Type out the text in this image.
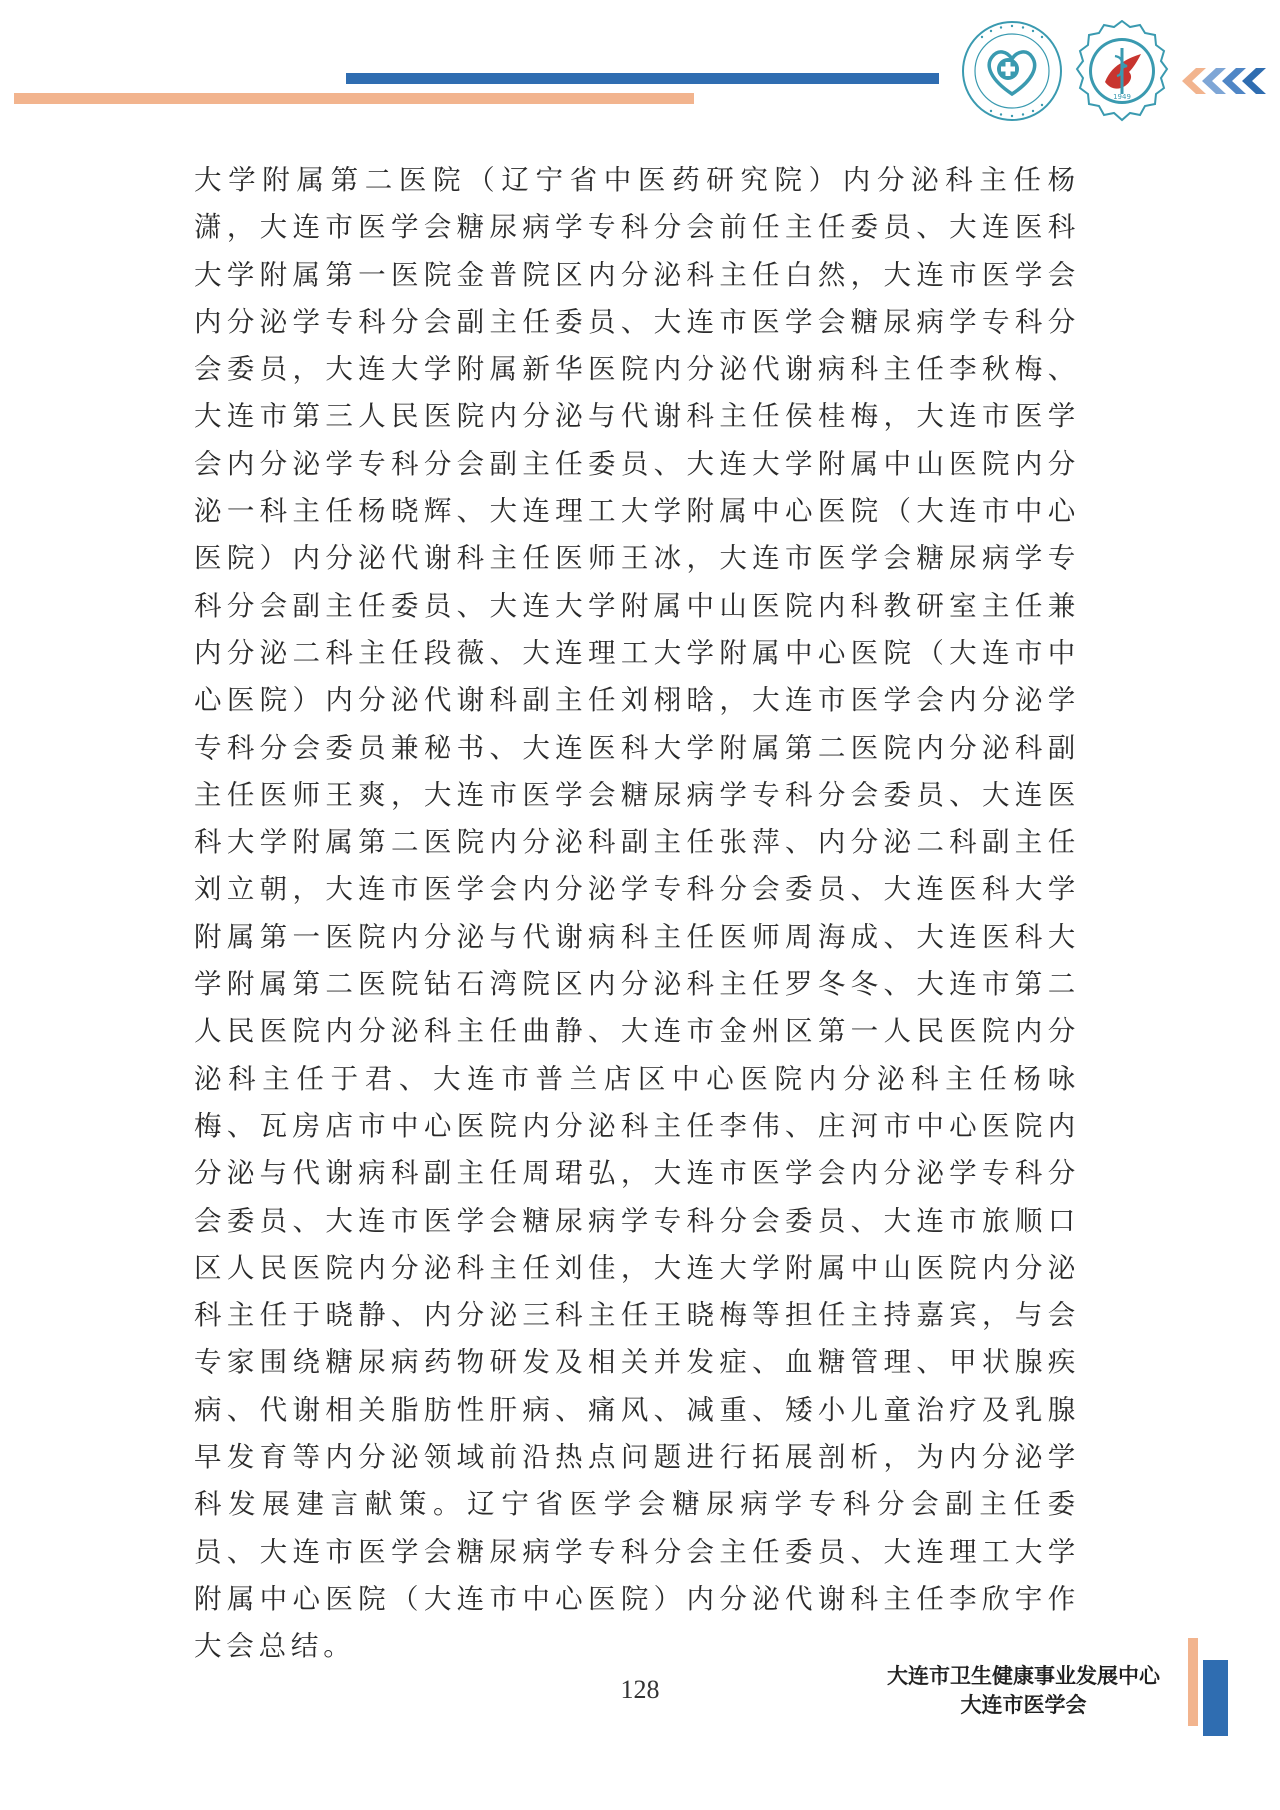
1949

大学附属第二医院（辽宁省中医药研究院）内分泌科主任杨潇，大连市医学会糖尿病学专科分会前任主任委员、大连医科大学附属第一医院金普院区内分泌科主任白然，大连市医学会内分泌学专科分会副主任委员、大连市医学会糖尿病学专科分会委员，大连大学附属新华医院内分泌代谢病科主任李秋梅、大连市第三人民医院内分泌与代谢科主任侯桂梅，大连市医学会内分泌学专科分会副主任委员、大连大学附属中山医院内分泌一科主任杨晓辉、大连理工大学附属中心医院（大连市中心医院）内分泌代谢科主任医师王冰，大连市医学会糖尿病学专科分会副主任委员、大连大学附属中山医院内科教研室主任兼内分泌二科主任段薇、大连理工大学附属中心医院（大连市中心医院）内分泌代谢科副主任刘栩晗，大连市医学会内分泌学专科分会委员兼秘书、大连医科大学附属第二医院内分泌科副主任医师王爽，大连市医学会糖尿病学专科分会委员、大连医科大学附属第二医院内分泌科副主任张萍、内分泌二科副主任刘立朝，大连市医学会内分泌学专科分会委员、大连医科大学附属第一医院内分泌与代谢病科主任医师周海成、大连医科大学附属第二医院钻石湾院区内分泌科主任罗冬冬、大连市第二人民医院内分泌科主任曲静、大连市金州区第一人民医院内分泌科主任于君、大连市普兰店区中心医院内分泌科主任杨咏梅、瓦房店市中心医院内分泌科主任李伟、庄河市中心医院内分泌与代谢病科副主任周珺弘，大连市医学会内分泌学专科分会委员、大连市医学会糖尿病学专科分会委员、大连市旅顺口区人民医院内分泌科主任刘佳，大连大学附属中山医院内分泌科主任于晓静、内分泌三科主任王晓梅等担任主持嘉宾，与会专家围绕糖尿病药物研发及相关并发症、血糖管理、甲状腺疾病、代谢相关脂肪性肝病、痛风、减重、矮小儿童治疗及乳腺早发育等内分泌领域前沿热点问题进行拓展剖析，为内分泌学科发展建言献策。辽宁省医学会糖尿病学专科分会副主任委员、大连市医学会糖尿病学专科分会主任委员、大连理工大学附属中心医院（大连市中心医院）内分泌代谢科主任李欣宇作大会总结。

128	大连市卫生健康事业发展中心
大连市医学会
